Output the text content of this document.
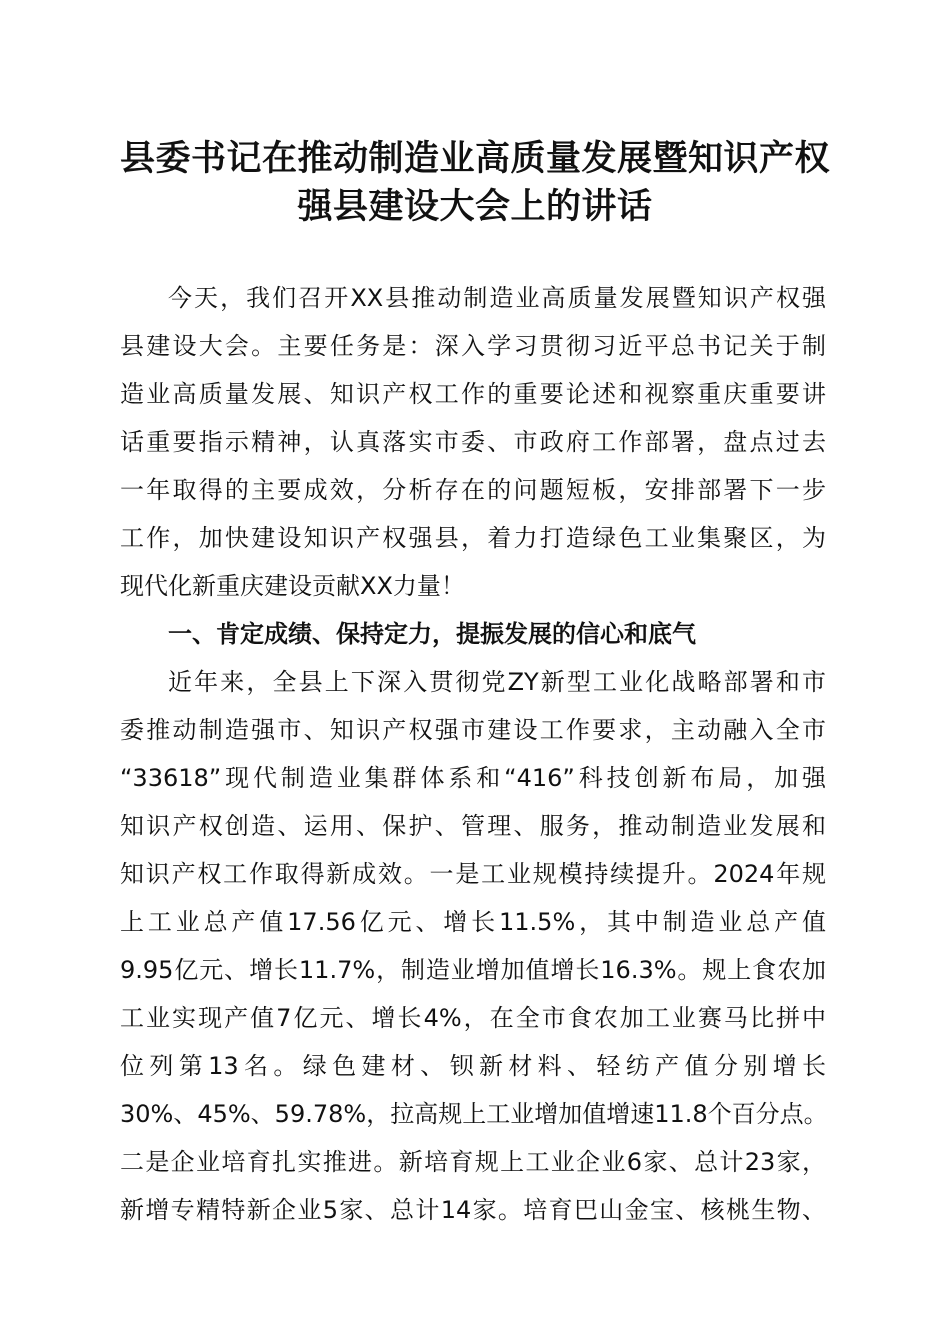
县委书记在推动制造业高质量发展暨知识产权
强县建设大会上的讲话

今天，我们召开XX县推动制造业高质量发展暨知识产权强

县建设大会。主要任务是：深入学习贯彻习近平总书记关于制

造业高质量发展、知识产权工作的重要论述和视察重庆重要讲

话重要指示精神，认真落实市委、市政府工作部署，盘点过去

一年取得的主要成效，分析存在的问题短板，安排部署下一步

工作，加快建设知识产权强县，着力打造绿色工业集聚区，为

现代化新重庆建设贡献XX力量！

一、肯定成绩、保持定力，提振发展的信心和底气

近年来，全县上下深入贯彻党ZY新型工业化战略部署和市

委推动制造强市、知识产权强市建设工作要求，主动融入全市

“33618”现代制造业集群体系和“416”科技创新布局，加强

知识产权创造、运用、保护、管理、服务，推动制造业发展和

知识产权工作取得新成效。一是工业规模持续提升。2024年规

上工业总产值17.56亿元、增长11.5%，其中制造业总产值

9.95亿元、增长11.7%，制造业增加值增长16.3%。规上食农加

工业实现产值7亿元、增长4%，在全市食农加工业赛马比拼中

位列第13名。绿色建材、钡新材料、轻纺产值分别增长

30%、45%、59.78%，拉高规上工业增加值增速11.8个百分点。

二是企业培育扎实推进。新培育规上工业企业6家、总计23家，

新增专精特新企业5家、总计14家。培育巴山金宝、核桃生物、
